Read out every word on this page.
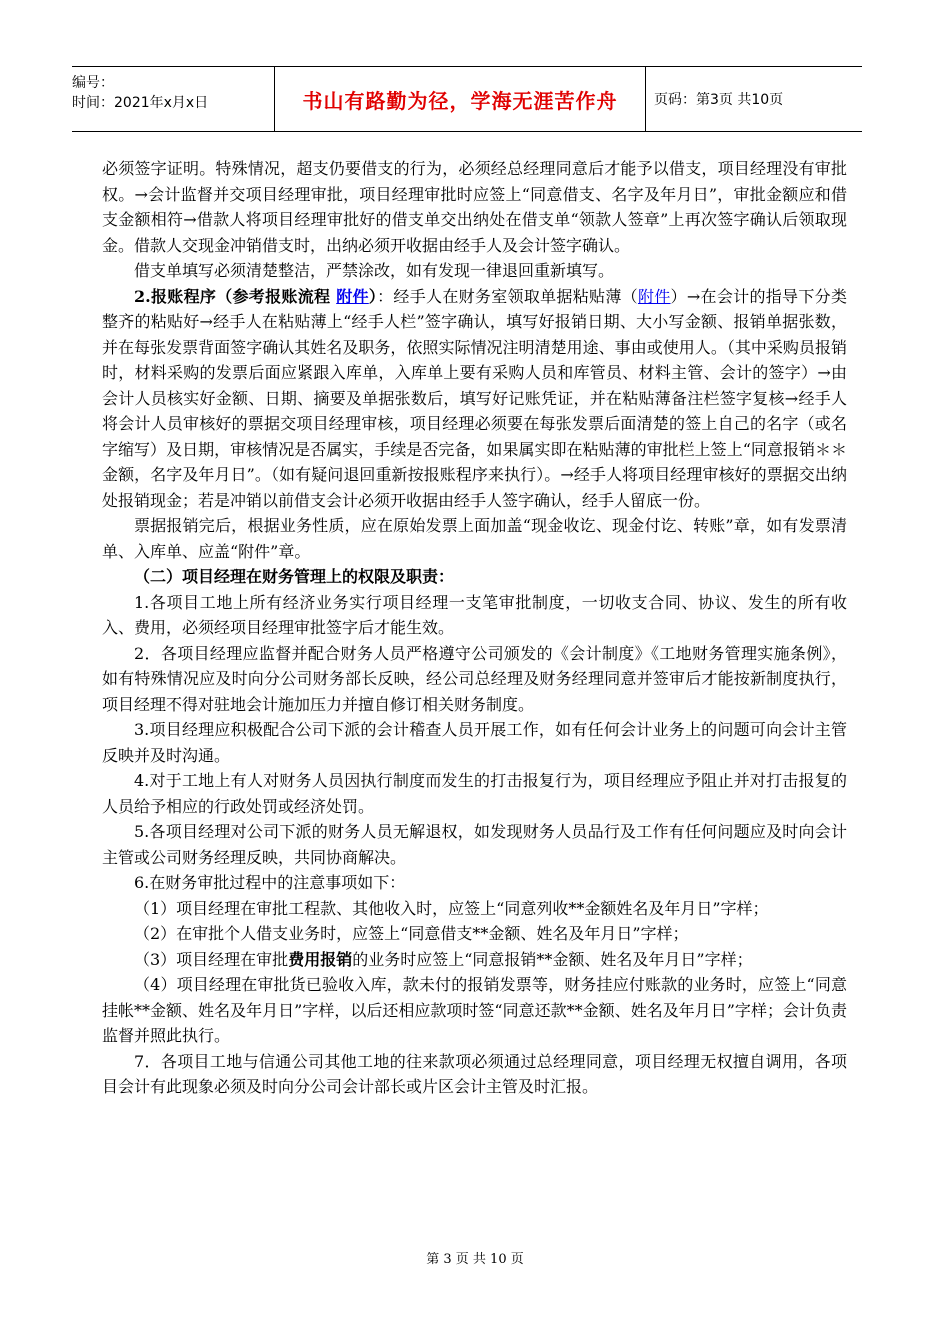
编号：
时间：2021年x月x日	书山有路勤为径，学海无涯苦作舟	页码：第3页 共10页

必须签字证明。特殊情况，超支仍要借支的行为，必须经总经理同意后才能予以借支，项目经理没有审批权。→会计监督并交项目经理审批，项目经理审批时应签上“同意借支、名字及年月日”，审批金额应和借支金额相符→借款人将项目经理审批好的借支单交出纳处在借支单“领款人签章”上再次签字确认后领取现金。借款人交现金冲销借支时，出纳必须开收据由经手人及会计签字确认。

借支单填写必须清楚整洁，严禁涂改，如有发现一律退回重新填写。

2.报账程序（参考报账流程 附件）：经手人在财务室领取单据粘贴薄（附件）→在会计的指导下分类整齐的粘贴好→经手人在粘贴薄上“经手人栏”签字确认，填写好报销日期、大小写金额、报销单据张数，并在每张发票背面签字确认其姓名及职务，依照实际情况注明清楚用途、事由或使用人。（其中采购员报销时，材料采购的发票后面应紧跟入库单，入库单上要有采购人员和库管员、材料主管、会计的签字）→由会计人员核实好金额、日期、摘要及单据张数后，填写好记账凭证，并在粘贴薄备注栏签字复核→经手人将会计人员审核好的票据交项目经理审核，项目经理必须要在每张发票后面清楚的签上自己的名字（或名字缩写）及日期，审核情况是否属实，手续是否完备，如果属实即在粘贴薄的审批栏上签上“同意报销＊＊金额，名字及年月日”。（如有疑问退回重新按报账程序来执行）。→经手人将项目经理审核好的票据交出纳处报销现金；若是冲销以前借支会计必须开收据由经手人签字确认，经手人留底一份。

票据报销完后，根据业务性质，应在原始发票上面加盖“现金收讫、现金付讫、转账”章，如有发票清单、入库单、应盖“附件”章。

（二）项目经理在财务管理上的权限及职责：

1.各项目工地上所有经济业务实行项目经理一支笔审批制度，一切收支合同、协议、发生的所有收入、费用，必须经项目经理审批签字后才能生效。

2．各项目经理应监督并配合财务人员严格遵守公司颁发的《会计制度》《工地财务管理实施条例》，如有特殊情况应及时向分公司财务部长反映，经公司总经理及财务经理同意并签审后才能按新制度执行，项目经理不得对驻地会计施加压力并擅自修订相关财务制度。

3.项目经理应积极配合公司下派的会计稽查人员开展工作，如有任何会计业务上的问题可向会计主管反映并及时沟通。

4.对于工地上有人对财务人员因执行制度而发生的打击报复行为，项目经理应予阻止并对打击报复的人员给予相应的行政处罚或经济处罚。

5.各项目经理对公司下派的财务人员无解退权，如发现财务人员品行及工作有任何问题应及时向会计主管或公司财务经理反映，共同协商解决。

6.在财务审批过程中的注意事项如下：

（1）项目经理在审批工程款、其他收入时，应签上“同意列收**金额姓名及年月日”字样；

（2）在审批个人借支业务时，应签上“同意借支**金额、姓名及年月日”字样；

（3）项目经理在审批费用报销的业务时应签上“同意报销**金额、姓名及年月日”字样；

（4）项目经理在审批货已验收入库，款未付的报销发票等，财务挂应付账款的业务时，应签上“同意挂帐**金额、姓名及年月日”字样，以后还相应款项时签“同意还款**金额、姓名及年月日”字样；会计负责监督并照此执行。

7．各项目工地与信通公司其他工地的往来款项必须通过总经理同意，项目经理无权擅自调用，各项目会计有此现象必须及时向分公司会计部长或片区会计主管及时汇报。

第 3 页 共 10 页
